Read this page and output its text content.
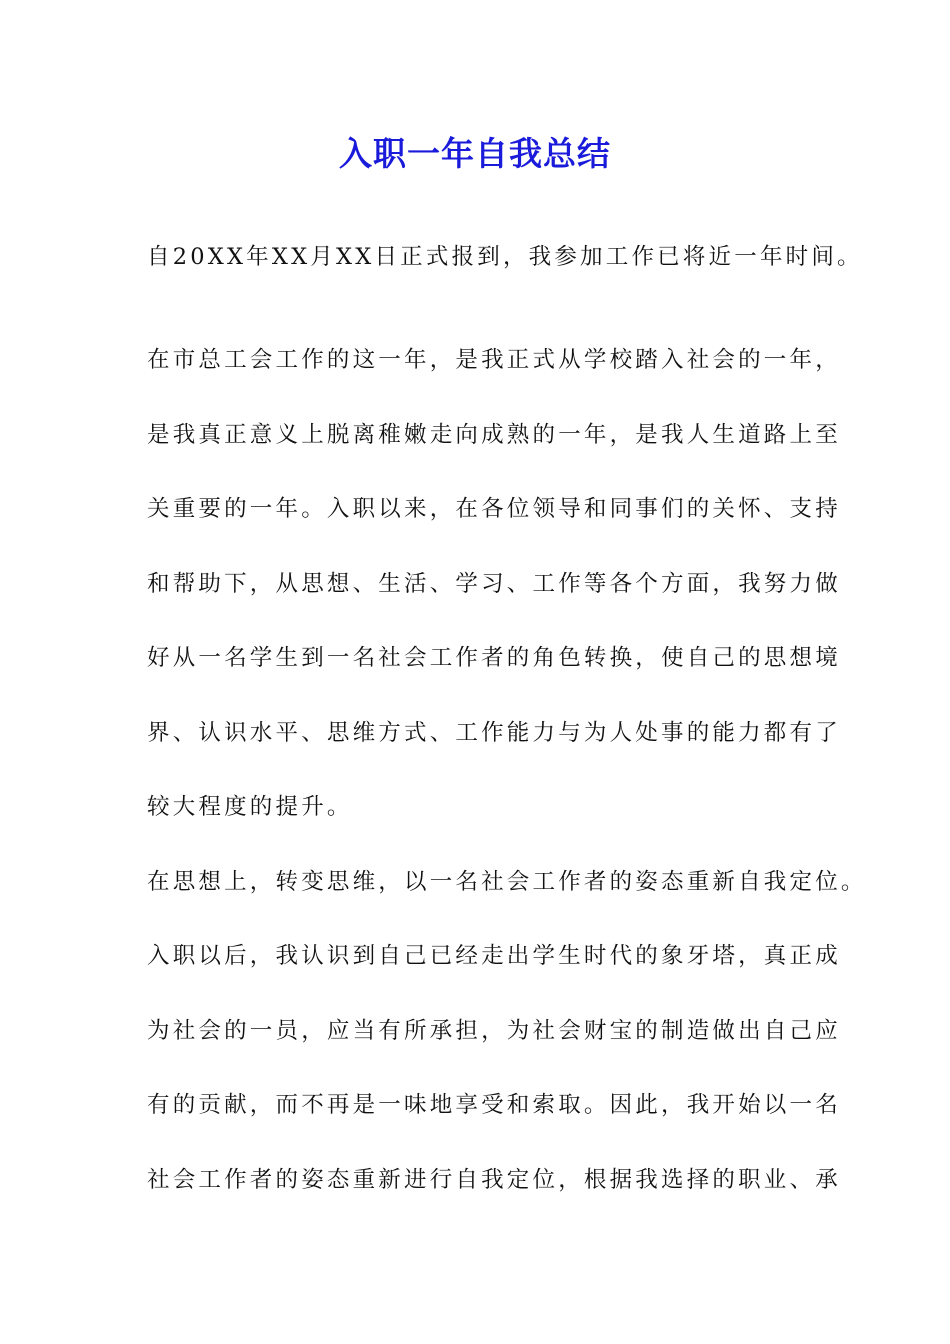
入职一年自我总结

自20XX年XX月XX日正式报到，我参加工作已将近一年时间。

在市总工会工作的这一年，是我正式从学校踏入社会的一年，

是我真正意义上脱离稚嫩走向成熟的一年，是我人生道路上至

关重要的一年。入职以来，在各位领导和同事们的关怀、支持

和帮助下，从思想、生活、学习、工作等各个方面，我努力做

好从一名学生到一名社会工作者的角色转换，使自己的思想境

界、认识水平、思维方式、工作能力与为人处事的能力都有了

较大程度的提升。

在思想上，转变思维，以一名社会工作者的姿态重新自我定位。

入职以后，我认识到自己已经走出学生时代的象牙塔，真正成

为社会的一员，应当有所承担，为社会财宝的制造做出自己应

有的贡献，而不再是一味地享受和索取。因此，我开始以一名

社会工作者的姿态重新进行自我定位，根据我选择的职业、承
